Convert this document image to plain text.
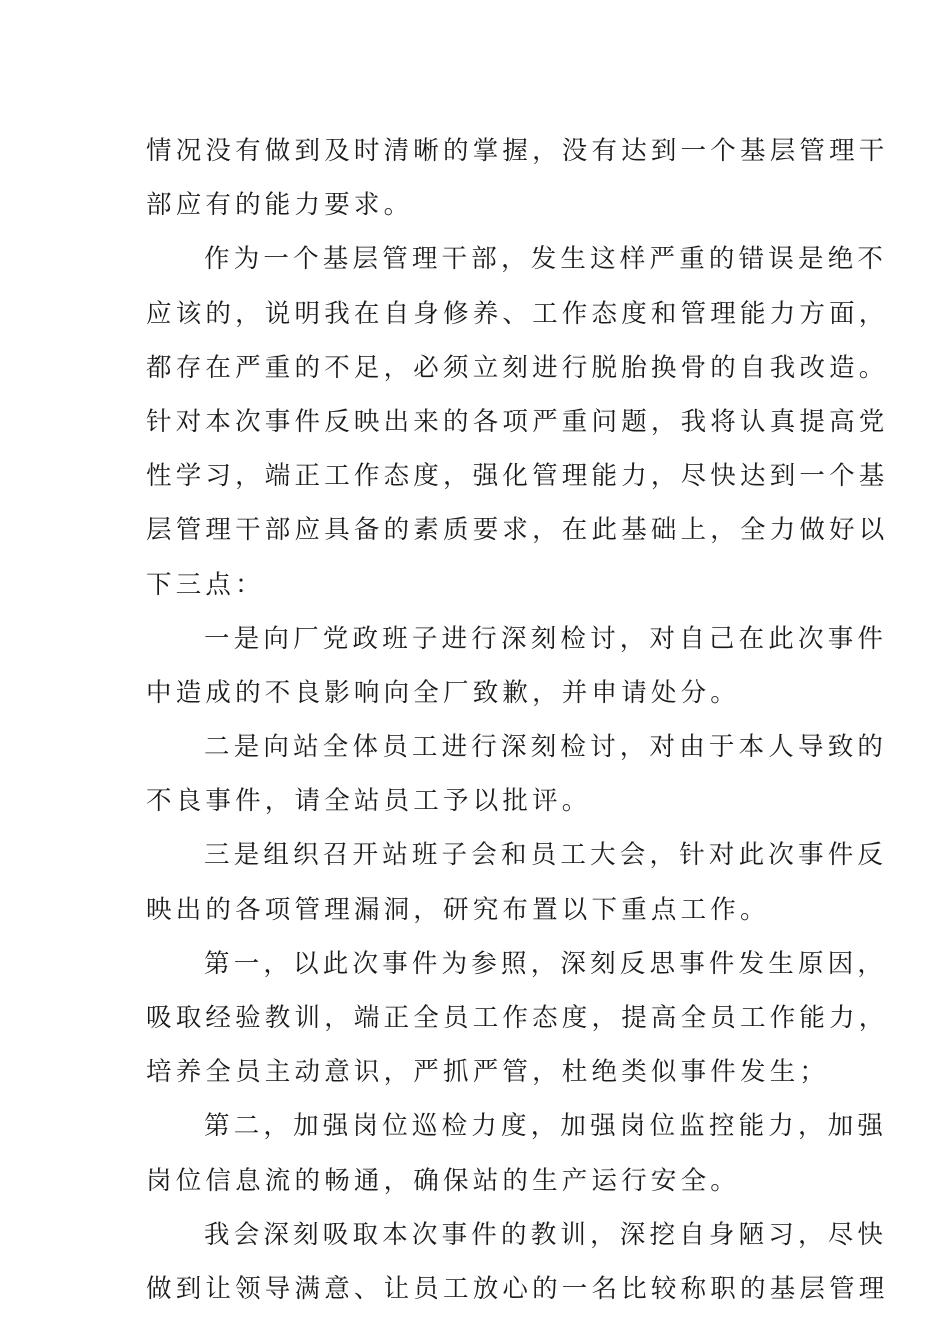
情况没有做到及时清晰的掌握，没有达到一个基层管理干
部应有的能力要求。
作为一个基层管理干部，发生这样严重的错误是绝不
应该的，说明我在自身修养、工作态度和管理能力方面，
都存在严重的不足，必须立刻进行脱胎换骨的自我改造。
针对本次事件反映出来的各项严重问题，我将认真提高党
性学习，端正工作态度，强化管理能力，尽快达到一个基
层管理干部应具备的素质要求，在此基础上，全力做好以
下三点：
一是向厂党政班子进行深刻检讨，对自己在此次事件
中造成的不良影响向全厂致歉，并申请处分。
二是向站全体员工进行深刻检讨，对由于本人导致的
不良事件，请全站员工予以批评。
三是组织召开站班子会和员工大会，针对此次事件反
映出的各项管理漏洞，研究布置以下重点工作。
第一，以此次事件为参照，深刻反思事件发生原因，
吸取经验教训，端正全员工作态度，提高全员工作能力，
培养全员主动意识，严抓严管，杜绝类似事件发生；
第二，加强岗位巡检力度，加强岗位监控能力，加强
岗位信息流的畅通，确保站的生产运行安全。
我会深刻吸取本次事件的教训，深挖自身陋习，尽快
做到让领导满意、让员工放心的一名比较称职的基层管理
